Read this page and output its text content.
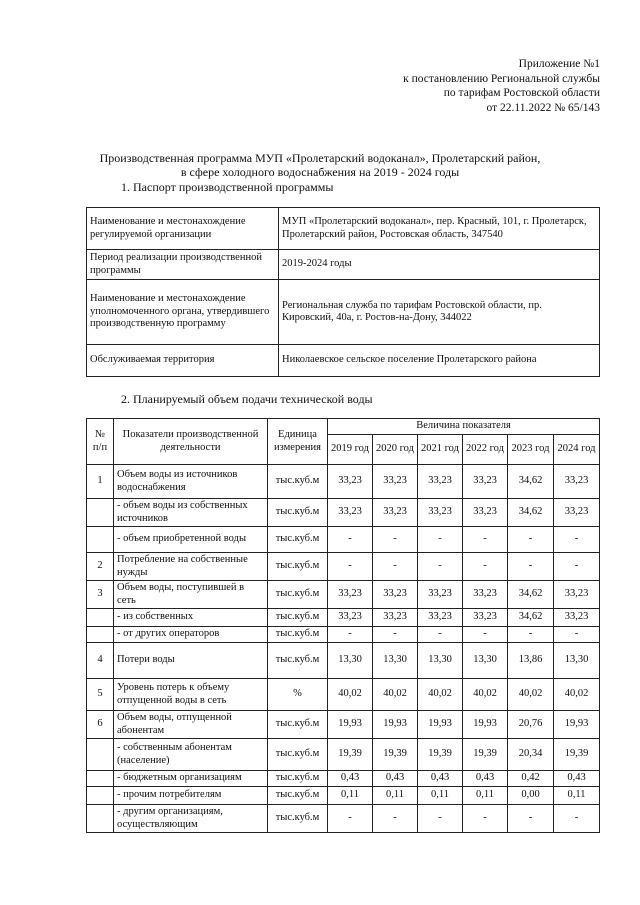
Приложение №1
к постановлению Региональной службы
по тарифам Ростовской области
от 22.11.2022 № 65/143
Производственная программа МУП «Пролетарский водоканал», Пролетарский район,
в сфере холодного водоснабжения на 2019 - 2024 годы
1. Паспорт производственной программы
Наименование и местонахождение регулируемой организации	МУП «Пролетарский водоканал», пер. Красный, 101, г. Пролетарск, Пролетарский район, Ростовская область, 347540
Период реализации производственной программы	2019-2024 годы
Наименование и местонахождение уполномоченного органа, утвердившего производственную программу	Региональная служба по тарифам Ростовской области, пр. Кировский, 40а, г. Ростов-на-Дону, 344022
Обслуживаемая территория	Николаевское сельское поселение Пролетарского района
2. Планируемый объем подачи технической воды
№ п/п	Показатели производственной деятельности	Единица измерения	Величина показателя					
			2019 год	2020 год	2021 год	2022 год	2023 год	2024 год
1	Объем воды из источников водоснабжения	тыс.куб.м	33,23	33,23	33,23	33,23	34,62	33,23
	- объем воды из собственных источников	тыс.куб.м	33,23	33,23	33,23	33,23	34,62	33,23
	- объем приобретенной воды	тыс.куб.м	-	-	-	-	-	-
2	Потребление на собственные нужды	тыс.куб.м	-	-	-	-	-	-
3	Объем воды, поступившей в сеть	тыс.куб.м	33,23	33,23	33,23	33,23	34,62	33,23
	- из собственных	тыс.куб.м	33,23	33,23	33,23	33,23	34,62	33,23
	- от других операторов	тыс.куб.м	-	-	-	-	-	-
4	Потери воды	тыс.куб.м	13,30	13,30	13,30	13,30	13,86	13,30
5	Уровень потерь к объему отпущенной воды в сеть	%	40,02	40,02	40,02	40,02	40,02	40,02
6	Объем воды, отпущенной абонентам	тыс.куб.м	19,93	19,93	19,93	19,93	20,76	19,93
	- собственным абонентам (население)	тыс.куб.м	19,39	19,39	19,39	19,39	20,34	19,39
	- бюджетным организациям	тыс.куб.м	0,43	0,43	0,43	0,43	0,42	0,43
	- прочим потребителям	тыс.куб.м	0,11	0,11	0,11	0,11	0,00	0,11
	- другим организациям, осуществляющим	тыс.куб.м	-	-	-	-	-	-
